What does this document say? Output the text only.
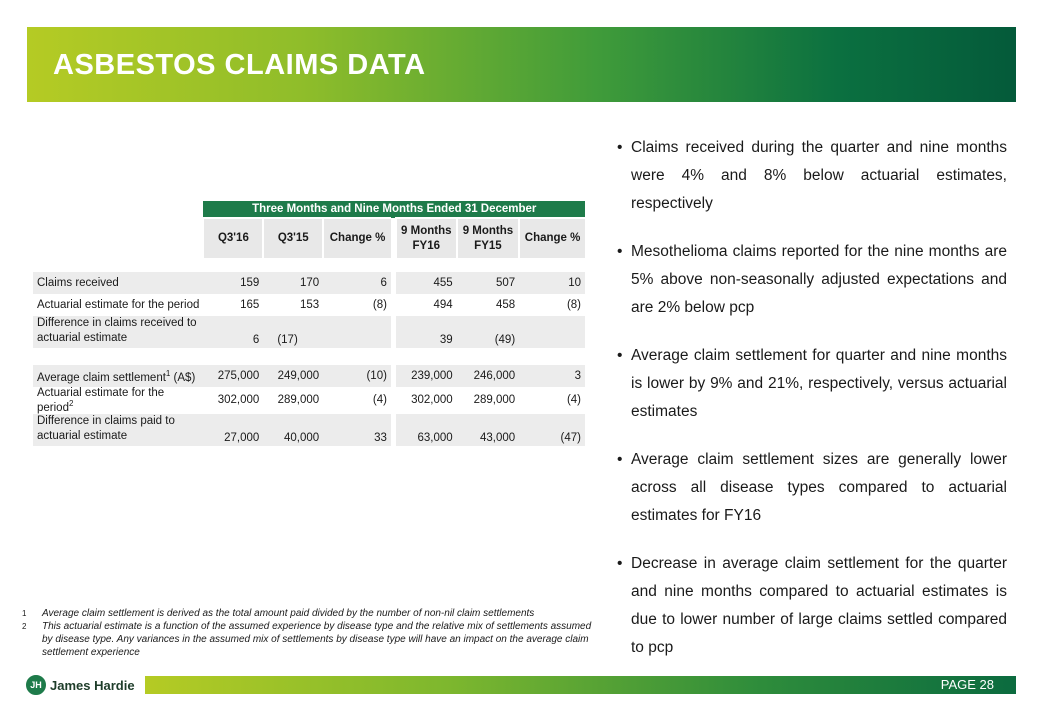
ASBESTOS CLAIMS DATA
	Three Months and Nine Months Ended 31 December						
	Q3'16	Q3'15	Change %		9 Months FY16	9 Months FY15	Change %

Claims received	159	170	6		455	507	10
Actuarial estimate for the period	165	153	(8)		494	458	(8)
Difference in claims received to actuarial estimate	6	(17)			39	(49)	

Average claim settlement$^1$ (A$)	275,000	249,000	(10)		239,000	246,000	3
Actuarial estimate for the period$^2$	302,000	289,000	(4)		302,000	289,000	(4)
Difference in claims paid to actuarial estimate	27,000	40,000	33		63,000	43,000	(47)
• Claims received during the quarter and nine months were 4% and 8% below actuarial estimates, respectively
• Mesothelioma claims reported for the nine months are 5% above non-seasonally adjusted expectations and are 2% below pcp
• Average claim settlement for quarter and nine months is lower by 9% and 21%, respectively, versus actuarial estimates
• Average claim settlement sizes are generally lower across all disease types compared to actuarial estimates for FY16
• Decrease in average claim settlement for the quarter and nine months compared to actuarial estimates is due to lower number of large claims settled compared to pcp
1 Average claim settlement is derived as the total amount paid divided by the number of non-nil claim settlements
2 This actuarial estimate is a function of the assumed experience by disease type and the relative mix of settlements assumed by disease type. Any variances in the assumed mix of settlements by disease type will have an impact on the average claim settlement experience
JH James Hardie	PAGE 28
